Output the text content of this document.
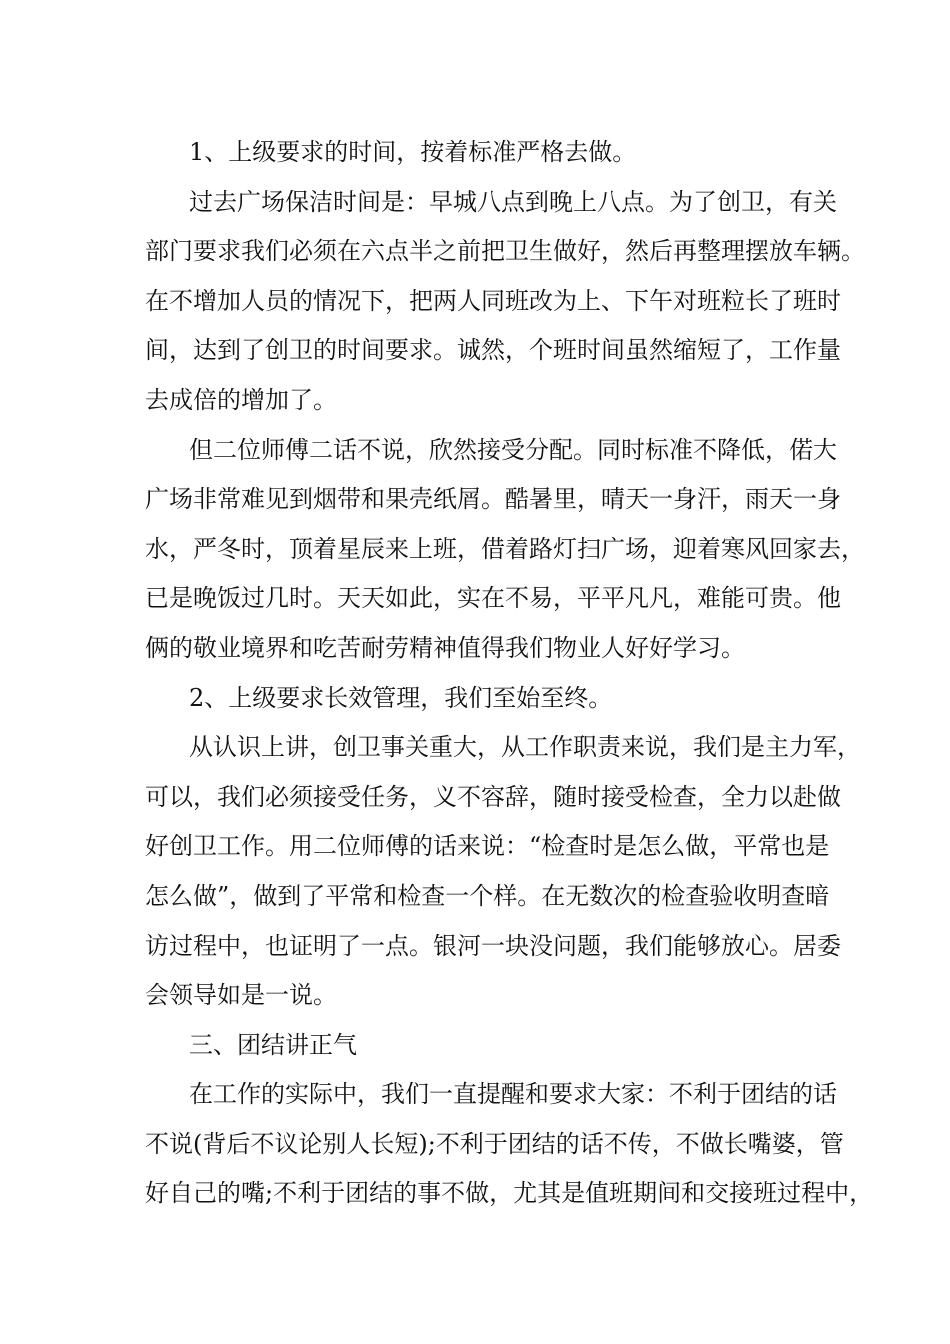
1、上级要求的时间，按着标准严格去做。
过去广场保洁时间是：早城八点到晚上八点。为了创卫，有关
部门要求我们必须在六点半之前把卫生做好，然后再整理摆放车辆。
在不增加人员的情况下，把两人同班改为上、下午对班粒长了班时
间，达到了创卫的时间要求。诚然，个班时间虽然缩短了，工作量
去成倍的增加了。
但二位师傅二话不说，欣然接受分配。同时标准不降低，偌大
广场非常难见到烟带和果壳纸屑。酷暑里，晴天一身汗，雨天一身
水，严冬时，顶着星辰来上班，借着路灯扫广场，迎着寒风回家去，
已是晚饭过几时。天天如此，实在不易，平平凡凡，难能可贵。他
俩的敬业境界和吃苦耐劳精神值得我们物业人好好学习。
2、上级要求长效管理，我们至始至终。
从认识上讲，创卫事关重大，从工作职责来说，我们是主力军，
可以，我们必须接受任务，义不容辞，随时接受检查，全力以赴做
好创卫工作。用二位师傅的话来说：“检查时是怎么做，平常也是
怎么做”，做到了平常和检查一个样。在无数次的检查验收明查暗
访过程中，也证明了一点。银河一块没问题，我们能够放心。居委
会领导如是一说。
三、团结讲正气
在工作的实际中，我们一直提醒和要求大家：不利于团结的话
不说(背后不议论别人长短);不利于团结的话不传，不做长嘴婆，管
好自己的嘴;不利于团结的事不做，尤其是值班期间和交接班过程中，
